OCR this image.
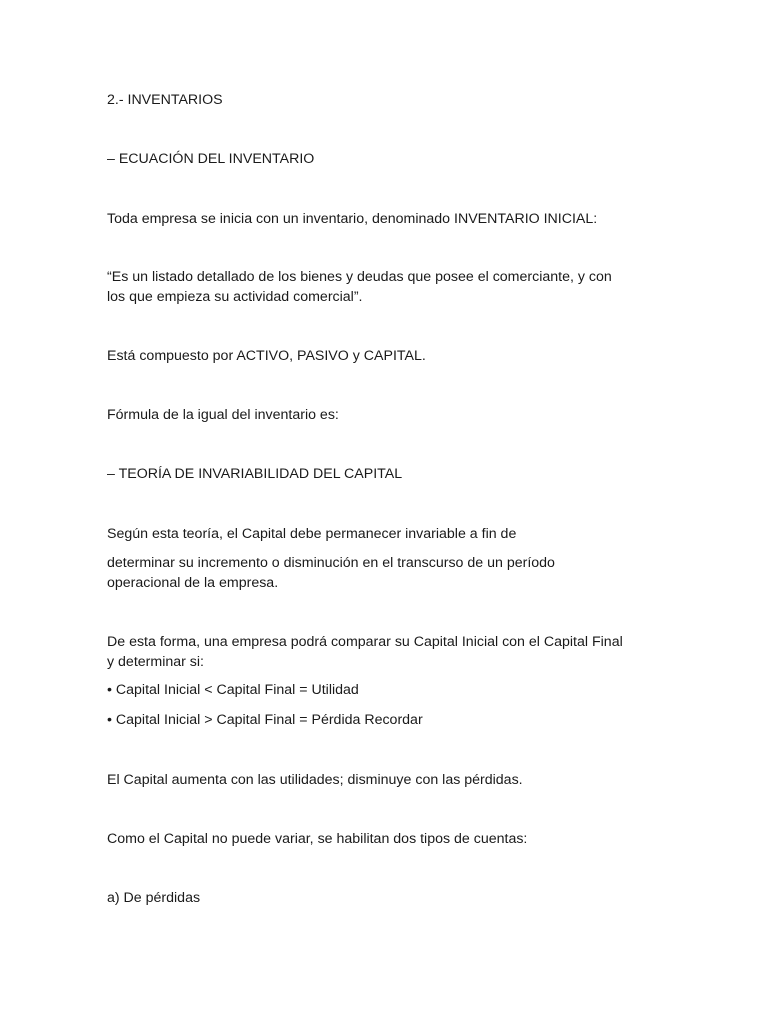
2.- INVENTARIOS
– ECUACIÓN DEL INVENTARIO
Toda empresa se inicia con un inventario, denominado INVENTARIO INICIAL:
“Es un listado detallado de los bienes y deudas que posee el comerciante, y con
los que empieza su actividad comercial”.
Está compuesto por ACTIVO, PASIVO y CAPITAL.
Fórmula de la igual del inventario es:
– TEORÍA DE INVARIABILIDAD DEL CAPITAL
Según esta teoría, el Capital debe permanecer invariable a fin de
determinar su incremento o disminución en el transcurso de un período
operacional de la empresa.
De esta forma, una empresa podrá comparar su Capital Inicial con el Capital Final
y determinar si:
• Capital Inicial < Capital Final = Utilidad
• Capital Inicial > Capital Final = Pérdida Recordar
El Capital aumenta con las utilidades; disminuye con las pérdidas.
Como el Capital no puede variar, se habilitan dos tipos de cuentas:
a) De pérdidas
